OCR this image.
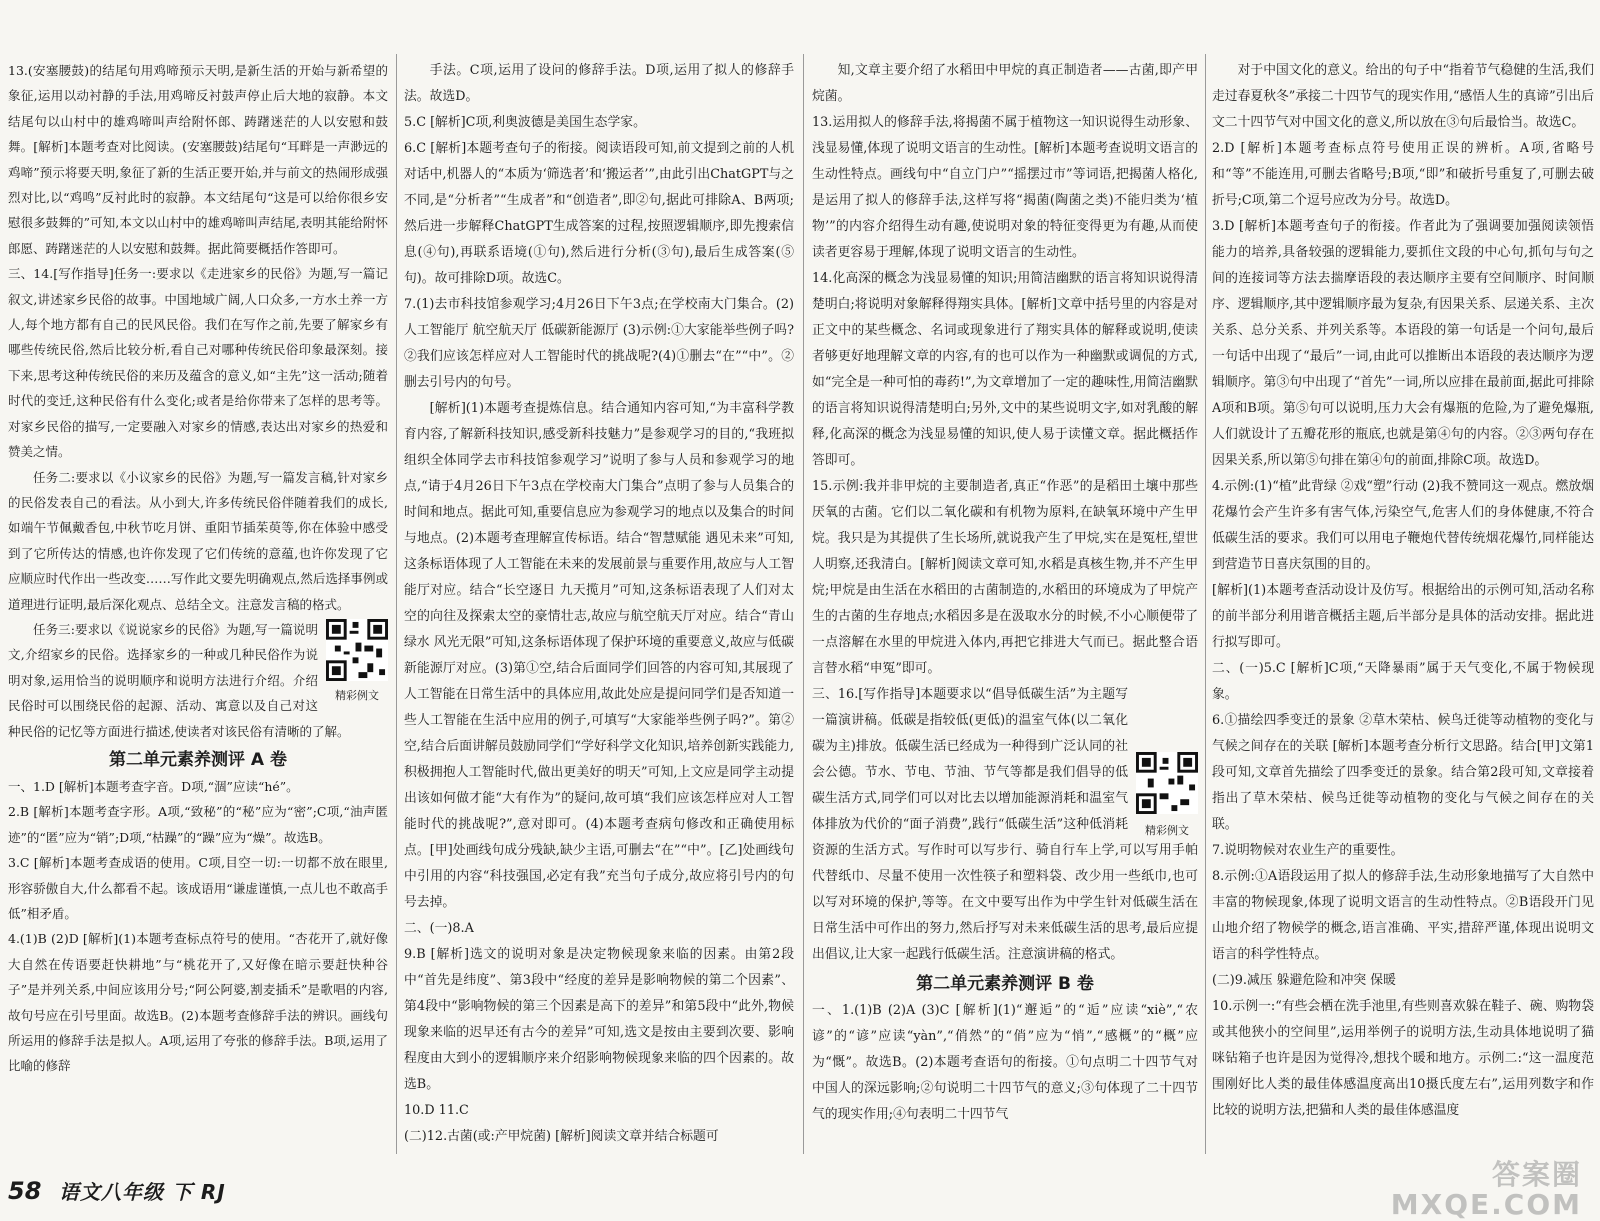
13.(安塞腰鼓)的结尾句用鸡啼预示天明,是新生活的开始与新希望的象征,运用以动衬静的手法,用鸡啼反衬鼓声停止后大地的寂静。本文结尾句以山村中的雄鸡啼叫声给附怀郎、踌躇迷茫的人以安慰和鼓舞。[解析]本题考查对比阅读。(安塞腰鼓)结尾句“耳畔是一声渺远的鸡啼”预示将要天明,象征了新的生活正要开始,并与前文的热闹形成强烈对比,以“鸡鸣”反衬此时的寂静。本文结尾句“这是可以给你很乡安慰很多鼓舞的”可知,本文以山村中的雄鸡啼叫声结尾,表明其能给附怀郎愿、踌躇迷茫的人以安慰和鼓舞。据此简要概括作答即可。

三、14.[写作指导]任务一:要求以《走进家乡的民俗》为题,写一篇记叙文,讲述家乡民俗的故事。中国地域广阔,人口众多,一方水土养一方人,每个地方都有自己的民风民俗。我们在写作之前,先要了解家乡有哪些传统民俗,然后比较分析,看自己对哪种传统民俗印象最深刻。接下来,思考这种传统民俗的来历及蕴含的意义,如“主先”这一活动;随着时代的变迁,这种民俗有什么变化;或者是给你带来了怎样的思考等。对家乡民俗的描写,一定要融入对家乡的情感,表达出对家乡的热爱和赞美之情。

任务二:要求以《小议家乡的民俗》为题,写一篇发言稿,针对家乡的民俗发表自己的看法。从小到大,许多传统民俗伴随着我们的成长,如端午节佩戴香包,中秋节吃月饼、重阳节插茱萸等,你在体验中感受到了它所传达的情感,也许你发现了它们传统的意蕴,也许你发现了它应顺应时代作出一些改变……写作此文要先明确观点,然后选择事例或道理进行证明,最后深化观点、总结全文。注意发言稿的格式。

精彩例文

任务三:要求以《说说家乡的民俗》为题,写一篇说明文,介绍家乡的民俗。选择家乡的一种或几种民俗作为说明对象,运用恰当的说明顺序和说明方法进行介绍。介绍民俗时可以围绕民俗的起源、活动、寓意以及自己对这种民俗的记忆等方面进行描述,使读者对该民俗有清晰的了解。

第二单元素养测评 A 卷

一、1.D [解析]本题考查字音。D项,“涸”应读“hé”。

2.B [解析]本题考查字形。A项,“致秘”的“秘”应为“密”;C项,“油声匿迹”的“匿”应为“销”;D项,“枯躁”的“躁”应为“燥”。故选B。

3.C [解析]本题考查成语的使用。C项,目空一切:一切都不放在眼里,形容骄傲自大,什么都看不起。该成语用“谦虚谨慎,一点儿也不敢高手低”相矛盾。

4.(1)B (2)D [解析](1)本题考查标点符号的使用。“杏花开了,就好像大自然在传语要赶快耕地”与“桃花开了,又好像在暗示要赶快种谷子”是并列关系,中间应该用分号;“阿公阿婆,割麦插禾”是歌唱的内容,故句号应在引号里面。故选B。(2)本题考查修辞手法的辨识。画线句所运用的修辞手法是拟人。A项,运用了夸张的修辞手法。B项,运用了比喻的修辞

手法。C项,运用了设问的修辞手法。D项,运用了拟人的修辞手法。故选D。

5.C [解析]C项,利奥波德是美国生态学家。

6.C [解析]本题考查句子的衔接。阅读语段可知,前文提到之前的人机对话中,机器人的“本质为‘筛选者’和‘搬运者’”,由此引出ChatGPT与之不同,是“分析者”“生成者”和“创造者”,即②句,据此可排除A、B两项;然后进一步解释ChatGPT生成答案的过程,按照逻辑顺序,即先搜索信息(④句),再联系语境(①句),然后进行分析(③句),最后生成答案(⑤句)。故可排除D项。故选C。

7.(1)去市科技馆参观学习;4月26日下午3点;在学校南大门集合。(2)人工智能厅 航空航天厅 低碳新能源厅 (3)示例:①大家能举些例子吗?②我们应该怎样应对人工智能时代的挑战呢?(4)①删去“在”“中”。②删去引号内的句号。

[解析](1)本题考查提炼信息。结合通知内容可知,“为丰富科学教育内容,了解新科技知识,感受新科技魅力”是参观学习的目的,“我班拟组织全体同学去市科技馆参观学习”说明了参与人员和参观学习的地点,“请于4月26日下午3点在学校南大门集合”点明了参与人员集合的时间和地点。据此可知,重要信息应为参观学习的地点以及集合的时间与地点。(2)本题考查理解宣传标语。结合“智慧赋能 遇见未来”可知,这条标语体现了人工智能在未来的发展前景与重要作用,故应与人工智能厅对应。结合“长空逐日 九天揽月”可知,这条标语表现了人们对太空的向往及探索太空的豪情壮志,故应与航空航天厅对应。结合“青山绿水 风光无限”可知,这条标语体现了保护环境的重要意义,故应与低碳新能源厅对应。(3)第①空,结合后面同学们回答的内容可知,其展现了人工智能在日常生活中的具体应用,故此处应是提问同学们是否知道一些人工智能在生活中应用的例子,可填写“大家能举些例子吗?”。第②空,结合后面讲解员鼓励同学们“学好科学文化知识,培养创新实践能力,积极拥抱人工智能时代,做出更美好的明天”可知,上文应是同学主动提出该如何做才能“大有作为”的疑问,故可填“我们应该怎样应对人工智能时代的挑战呢?”,意对即可。(4)本题考查病句修改和正确使用标点。[甲]处画线句成分残缺,缺少主语,可删去“在”“中”。[乙]处画线句中引用的内容“科技强国,必定有我”充当句子成分,故应将引号内的句号去掉。

二、(一)8.A

9.B [解析]选文的说明对象是决定物候现象来临的因素。由第2段中“首先是纬度”、第3段中“经度的差异是影响物候的第二个因素”、第4段中“影响物候的第三个因素是高下的差异”和第5段中“此外,物候现象来临的迟早还有古今的差异”可知,选文是按由主要到次要、影响程度由大到小的逻辑顺序来介绍影响物候现象来临的四个因素的。故选B。

10.D 11.C

(二)12.古菌(或:产甲烷菌) [解析]阅读文章并结合标题可

知,文章主要介绍了水稻田中甲烷的真正制造者——古菌,即产甲烷菌。

13.运用拟人的修辞手法,将揭菌不属于植物这一知识说得生动形象、浅显易懂,体现了说明文语言的生动性。[解析]本题考查说明文语言的生动性特点。画线句中“自立门户”“摇摆过市”等词语,把揭菌人格化,是运用了拟人的修辞手法,这样写将“揭菌(陶菌之类)不能归类为‘植物’”的内容介绍得生动有趣,使说明对象的特征变得更为有趣,从而使读者更容易于理解,体现了说明文语言的生动性。

14.化高深的概念为浅显易懂的知识;用简洁幽默的语言将知识说得清楚明白;将说明对象解释得翔实具体。[解析]文章中括号里的内容是对正文中的某些概念、名词或现象进行了翔实具体的解释或说明,使读者够更好地理解文章的内容,有的也可以作为一种幽默或调侃的方式,如“完全是一种可怕的毒药!”,为文章增加了一定的趣味性,用简洁幽默的语言将知识说得清楚明白;另外,文中的某些说明文字,如对乳酸的解释,化高深的概念为浅显易懂的知识,使人易于读懂文章。据此概括作答即可。

15.示例:我并非甲烷的主要制造者,真正“作恶”的是稻田土壤中那些厌氧的古菌。它们以二氧化碳和有机物为原料,在缺氧环境中产生甲烷。我只是为其提供了生长场所,就说我产生了甲烷,实在是冤枉,望世人明察,还我清白。[解析]阅读文章可知,水稻是真核生物,并不产生甲烷;甲烷是由生活在水稻田的古菌制造的,水稻田的环境成为了甲烷产生的古菌的生存地点;水稻因多是在汲取水分的时候,不小心顺便带了一点溶解在水里的甲烷进入体内,再把它排进大气而已。据此整合语言替水稻“申冤”即可。

精彩例文

三、16.[写作指导]本题要求以“倡导低碳生活”为主题写一篇演讲稿。低碳是指较低(更低)的温室气体(以二氧化碳为主)排放。低碳生活已经成为一种得到广泛认同的社会公德。节水、节电、节油、节气等都是我们倡导的低碳生活方式,同学们可以对比去以增加能源消耗和温室气体排放为代价的“面子消费”,践行“低碳生活”这种低消耗资源的生活方式。写作时可以写步行、骑自行车上学,可以写用手帕代替纸巾、尽量不使用一次性筷子和塑料袋、改少用一些纸巾,也可以写对环境的保护,等等。在文中要写出作为中学生针对低碳生活在日常生活中可作出的努力,然后抒写对未来低碳生活的思考,最后应提出倡议,让大家一起践行低碳生活。注意演讲稿的格式。

第二单元素养测评 B 卷

一、1.(1)B (2)A (3)C [解析](1)“邂逅”的“逅”应读“xiè”,“农谚”的“谚”应读“yàn”,“俏然”的“俏”应为“悄”,“感概”的“概”应为“慨”。故选B。(2)本题考查语句的衔接。①句点明二十四节气对中国人的深远影响;②句说明二十四节气的意义;③句体现了二十四节气的现实作用;④句表明二十四节气

对于中国文化的意义。给出的句子中“指着节气稳健的生活,我们走过春夏秋冬”承接二十四节气的现实作用,“感悟人生的真谛”引出后文二十四节气对中国文化的意义,所以放在③句后最恰当。故选C。

2.D [解析]本题考查标点符号使用正误的辨析。A项,省略号和“等”不能连用,可删去省略号;B项,“即”和破折号重复了,可删去破折号;C项,第二个逗号应改为分号。故选D。

3.D [解析]本题考查句子的衔接。作者此为了强调要加强阅读领悟能力的培养,具备较强的逻辑能力,要抓住文段的中心句,抓句与句之间的连接词等方法去揣摩语段的表达顺序主要有空间顺序、时间顺序、逻辑顺序,其中逻辑顺序最为复杂,有因果关系、层递关系、主次关系、总分关系、并列关系等。本语段的第一句话是一个问句,最后一句话中出现了“最后”一词,由此可以推断出本语段的表达顺序为逻辑顺序。第③句中出现了“首先”一词,所以应排在最前面,据此可排除A项和B项。第⑤句可以说明,压力大会有爆瓶的危险,为了避免爆瓶,人们就设计了五瓣花形的瓶底,也就是第④句的内容。②③两句存在因果关系,所以第⑤句排在第④句的前面,排除C项。故选D。

4.示例:(1)“植”此背绿 ②戏“塑”行动 (2)我不赞同这一观点。燃放烟花爆竹会产生许多有害气体,污染空气,危害人们的身体健康,不符合低碳生活的要求。我们可以用电子鞭炮代替传统烟花爆竹,同样能达到营造节日喜庆氛围的目的。

[解析](1)本题考查活动设计及仿写。根据给出的示例可知,活动名称的前半部分利用谐音概括主题,后半部分是具体的活动安排。据此进行拟写即可。

二、(一)5.C [解析]C项,“天降暴雨”属于天气变化,不属于物候现象。

6.①描绘四季变迁的景象 ②草木荣枯、候鸟迁徙等动植物的变化与气候之间存在的关联 [解析]本题考查分析行文思路。结合[甲]文第1段可知,文章首先描绘了四季变迁的景象。结合第2段可知,文章接着指出了草木荣枯、候鸟迁徙等动植物的变化与气候之间存在的关联。

7.说明物候对农业生产的重要性。

8.示例:①A语段运用了拟人的修辞手法,生动形象地描写了大自然中丰富的物候现象,体现了说明文语言的生动性特点。②B语段开门见山地介绍了物候学的概念,语言准确、平实,措辞严谨,体现出说明文语言的科学性特点。

(二)9.减压 躲避危险和冲突 保暖

10.示例一:“有些会栖在洗手池里,有些则喜欢躲在鞋子、碗、购物袋或其他狭小的空间里”,运用举例子的说明方法,生动具体地说明了猫咪钻箱子也许是因为觉得冷,想找个暖和地方。示例二:“这一温度范围刚好比人类的最佳体感温度高出10摄氏度左右”,运用列数字和作比较的说明方法,把猫和人类的最佳体感温度

58 语文八年级 下 RJ
答案圈
MXQE.COM
